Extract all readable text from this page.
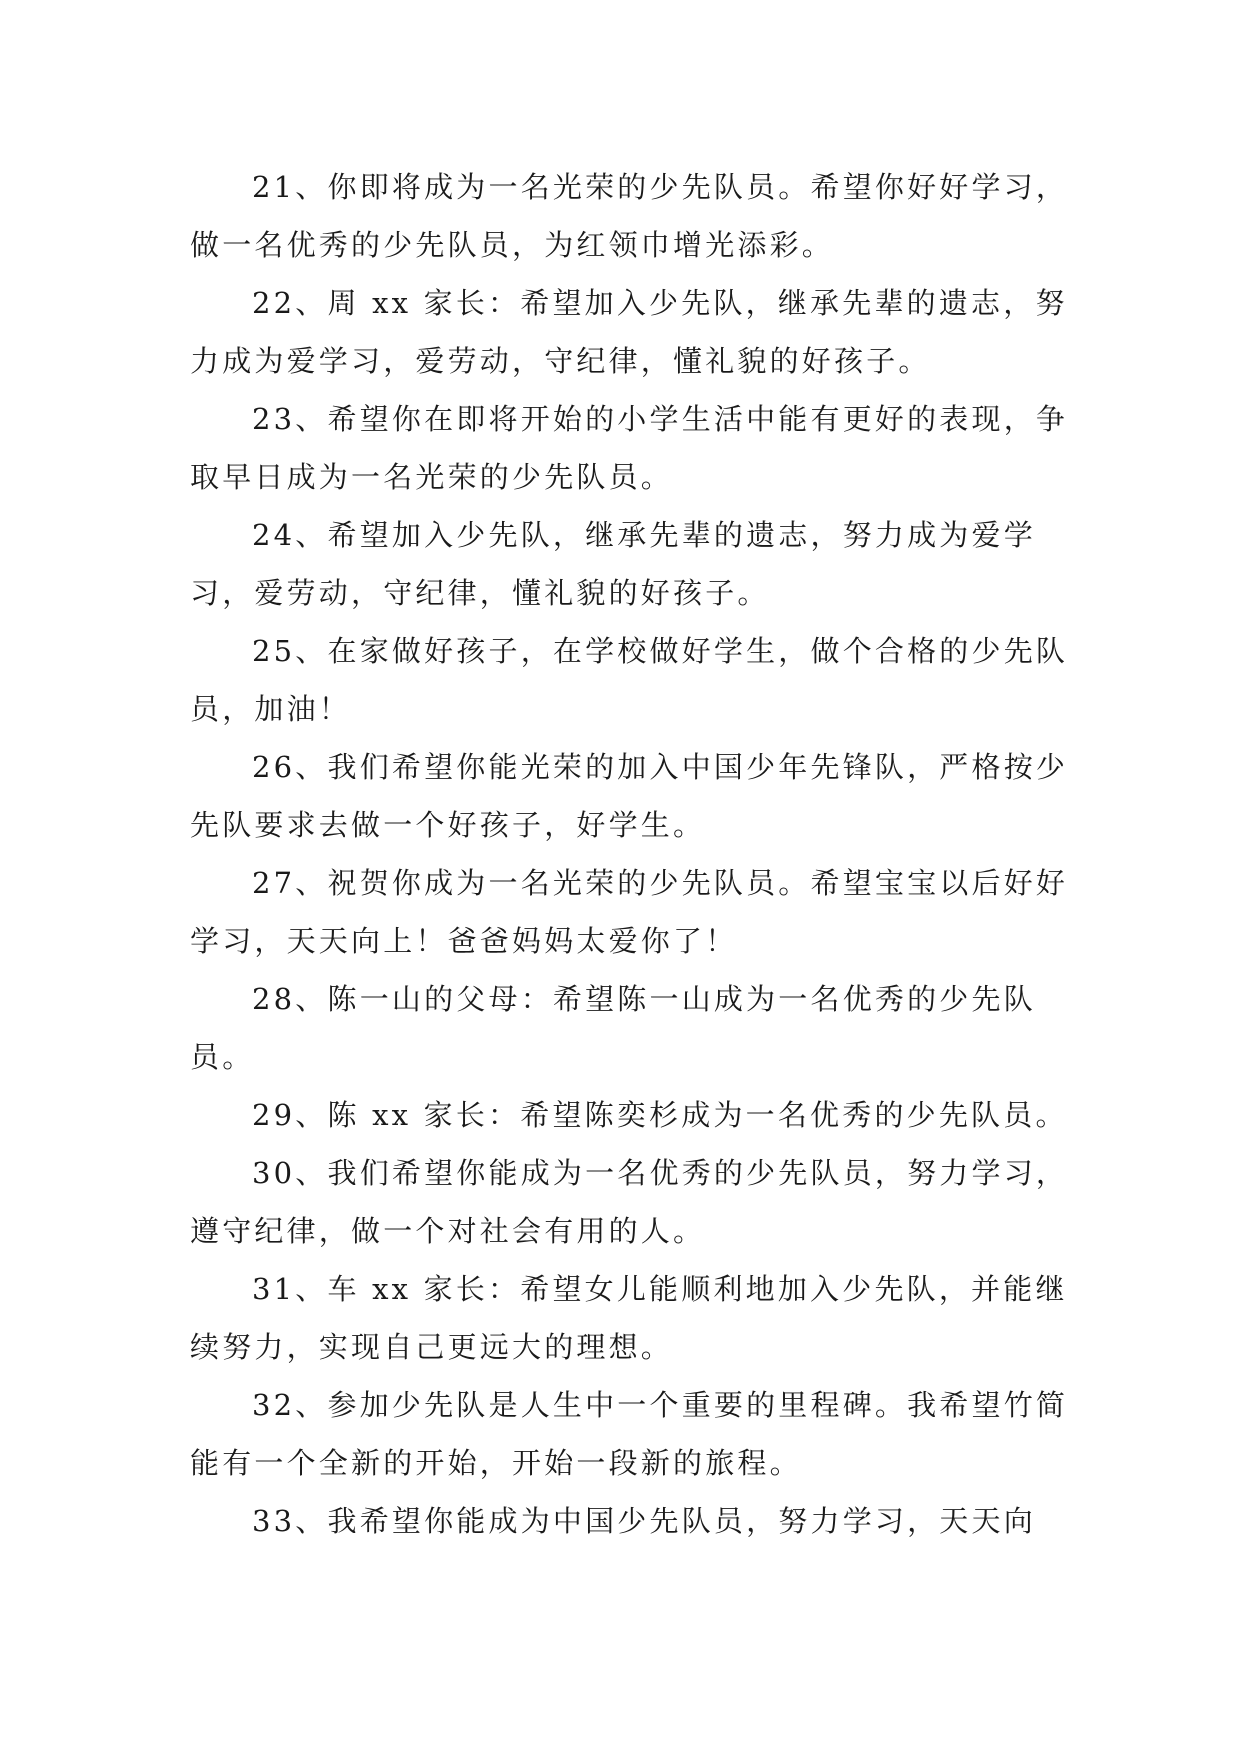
21、你即将成为一名光荣的少先队员。希望你好好学习，做一名优秀的少先队员，为红领巾增光添彩。

22、周 xx 家长：希望加入少先队，继承先辈的遗志，努力成为爱学习，爱劳动，守纪律，懂礼貌的好孩子。

23、希望你在即将开始的小学生活中能有更好的表现，争取早日成为一名光荣的少先队员。

24、希望加入少先队，继承先辈的遗志，努力成为爱学习，爱劳动，守纪律，懂礼貌的好孩子。

25、在家做好孩子，在学校做好学生，做个合格的少先队员，加油！

26、我们希望你能光荣的加入中国少年先锋队，严格按少先队要求去做一个好孩子，好学生。

27、祝贺你成为一名光荣的少先队员。希望宝宝以后好好学习，天天向上！爸爸妈妈太爱你了！

28、陈一山的父母：希望陈一山成为一名优秀的少先队员。

29、陈 xx 家长：希望陈奕杉成为一名优秀的少先队员。

30、我们希望你能成为一名优秀的少先队员，努力学习，遵守纪律，做一个对社会有用的人。

31、车 xx 家长：希望女儿能顺利地加入少先队，并能继续努力，实现自己更远大的理想。

32、参加少先队是人生中一个重要的里程碑。我希望竹简能有一个全新的开始，开始一段新的旅程。

33、我希望你能成为中国少先队员，努力学习，天天向
